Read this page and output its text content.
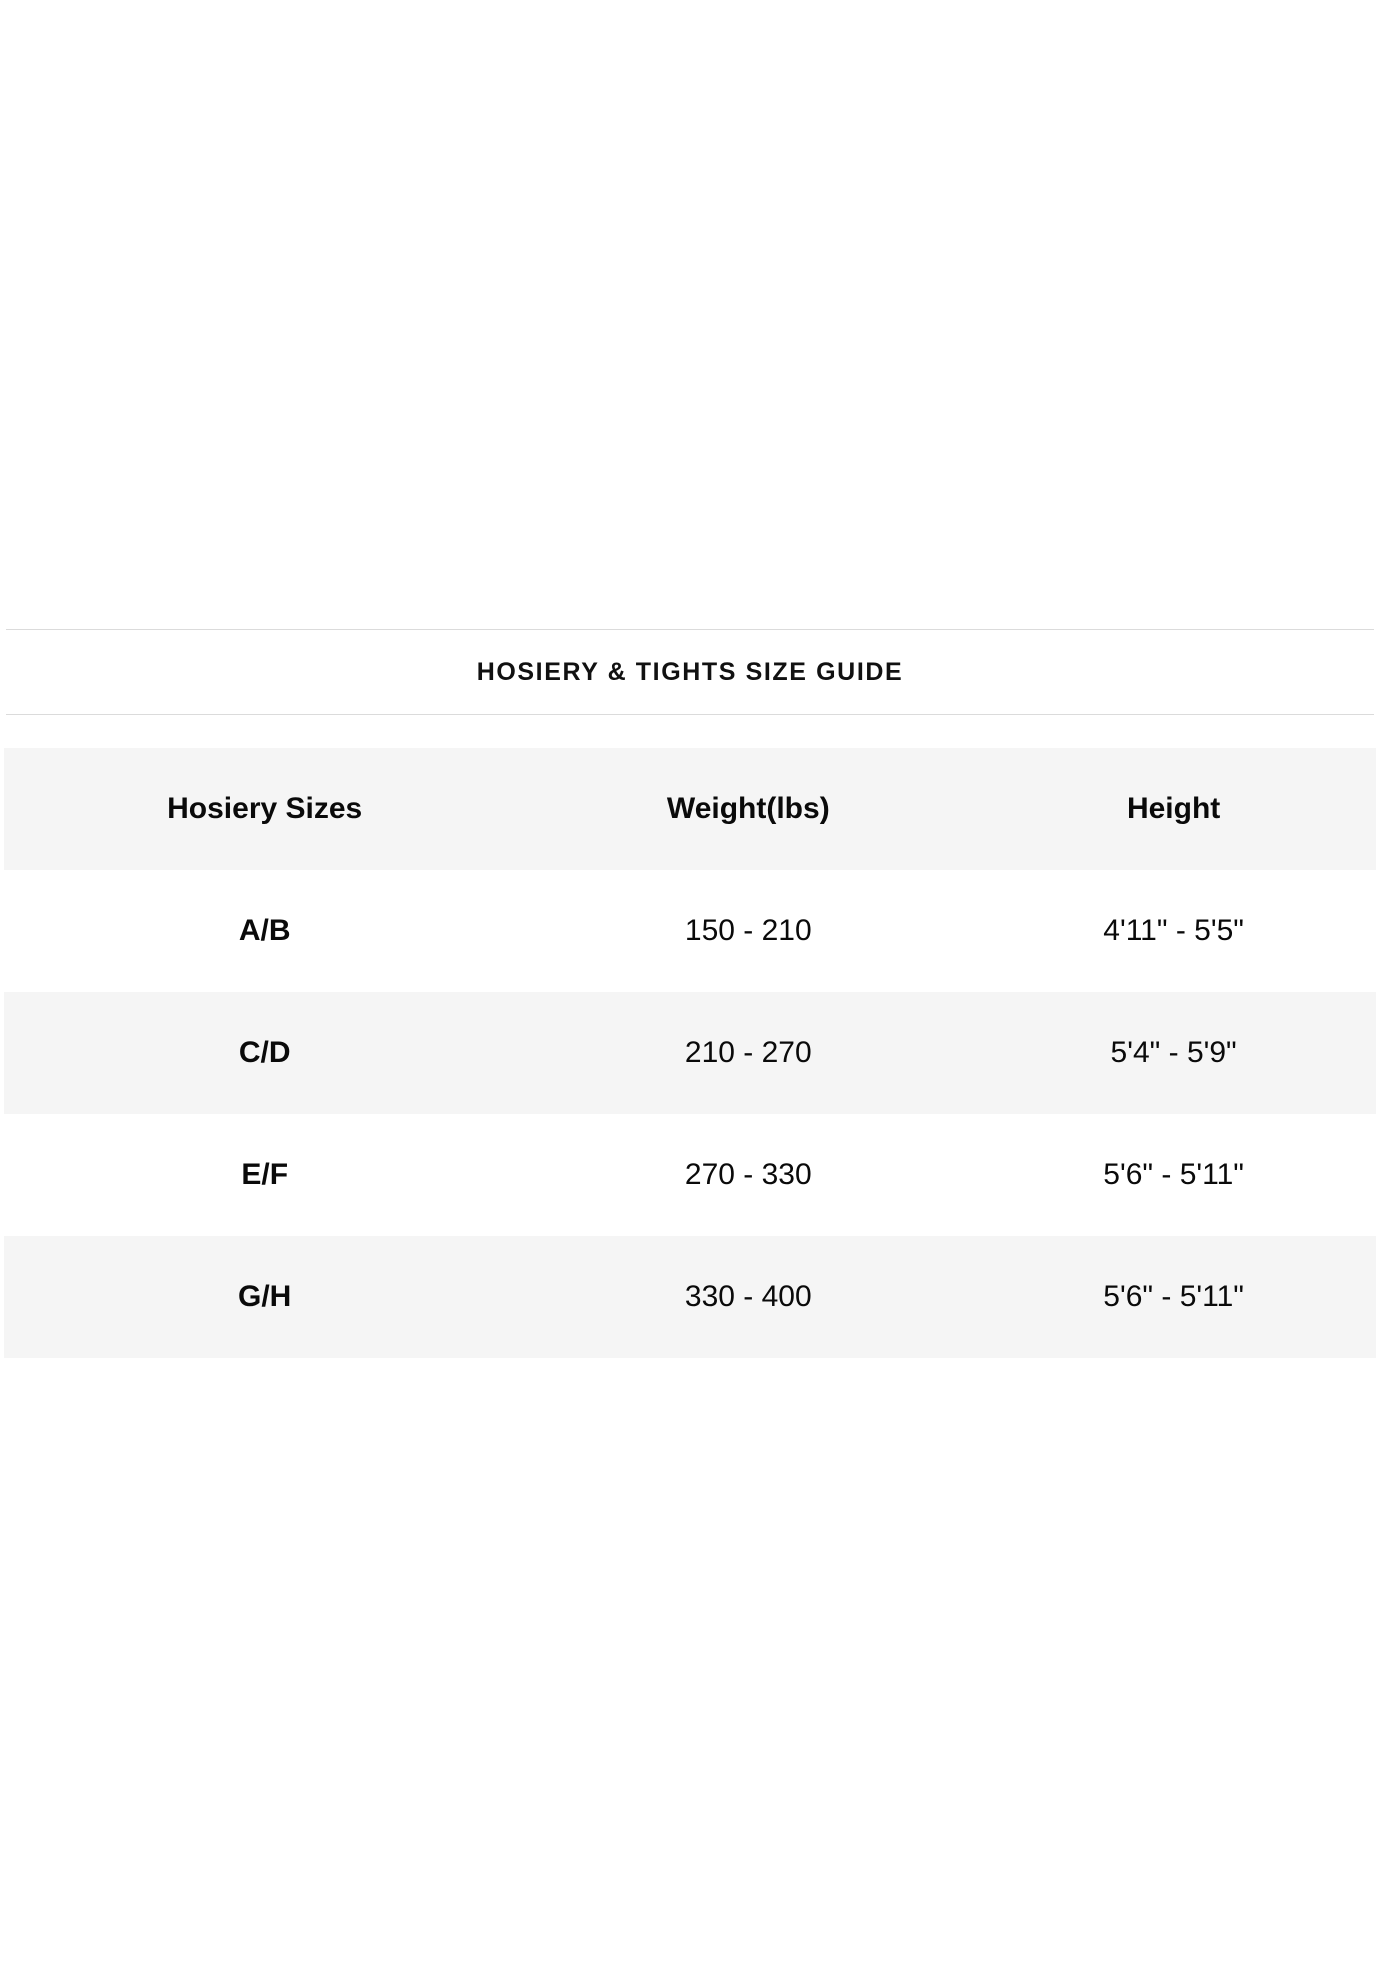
HOSIERY & TIGHTS SIZE GUIDE
Hosiery Sizes	Weight(lbs)	Height
A/B	150 - 210	4'11" - 5'5"
C/D	210 - 270	5'4" - 5'9"
E/F	270 - 330	5'6" - 5'11"
G/H	330 - 400	5'6" - 5'11"
